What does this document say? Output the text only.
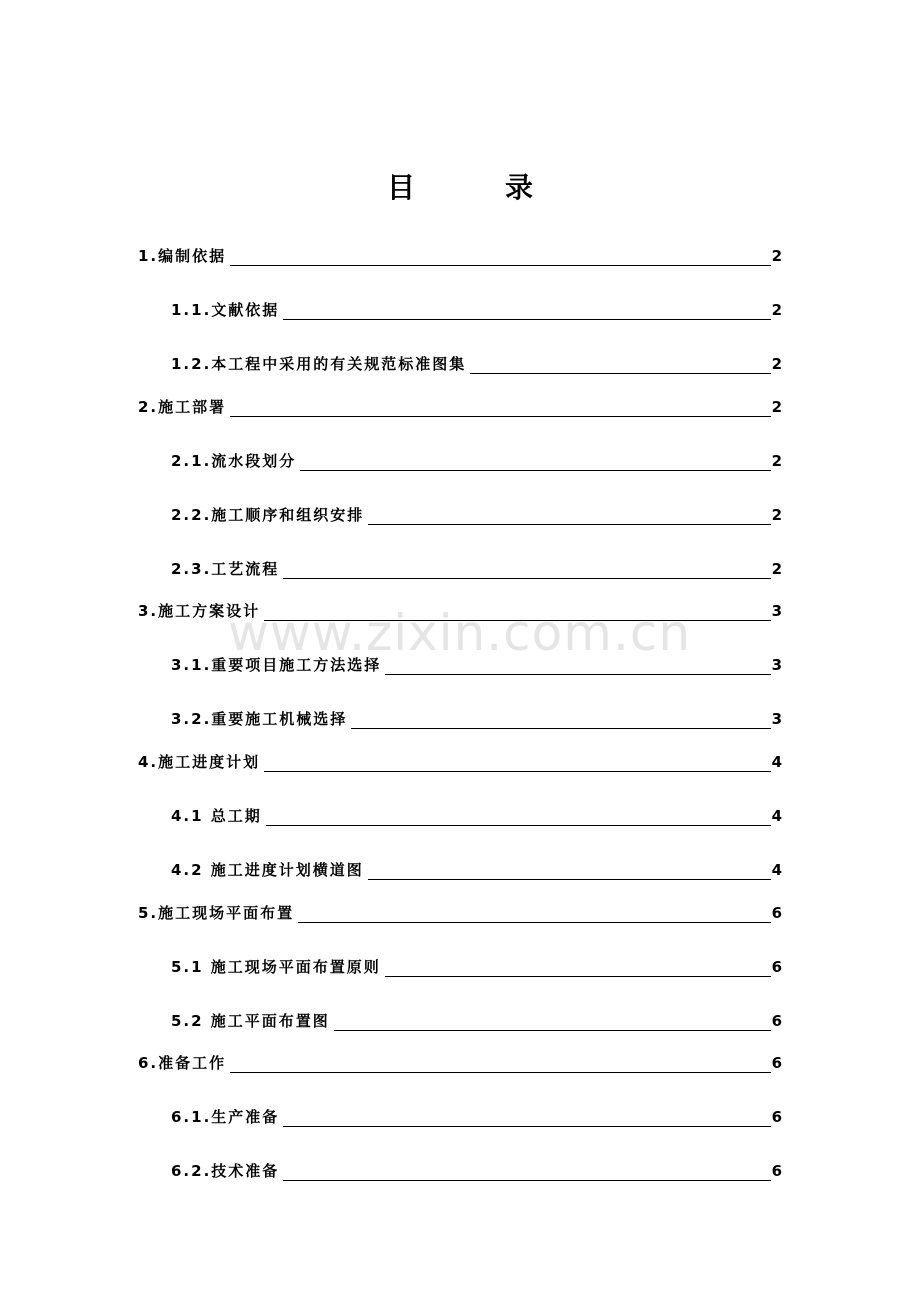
目	录
www.zixin.com.cn
1.编制依据	2
1.1.文献依据	2
1.2.本工程中采用的有关规范标准图集	2
2.施工部署	2
2.1.流水段划分	2
2.2.施工顺序和组织安排	2
2.3.工艺流程	2
3.施工方案设计	3
3.1.重要项目施工方法选择	3
3.2.重要施工机械选择	3
4.施工进度计划	4
4.1 总工期	4
4.2 施工进度计划横道图	4
5.施工现场平面布置	6
5.1 施工现场平面布置原则	6
5.2 施工平面布置图	6
6.准备工作	6
6.1.生产准备	6
6.2.技术准备	6
